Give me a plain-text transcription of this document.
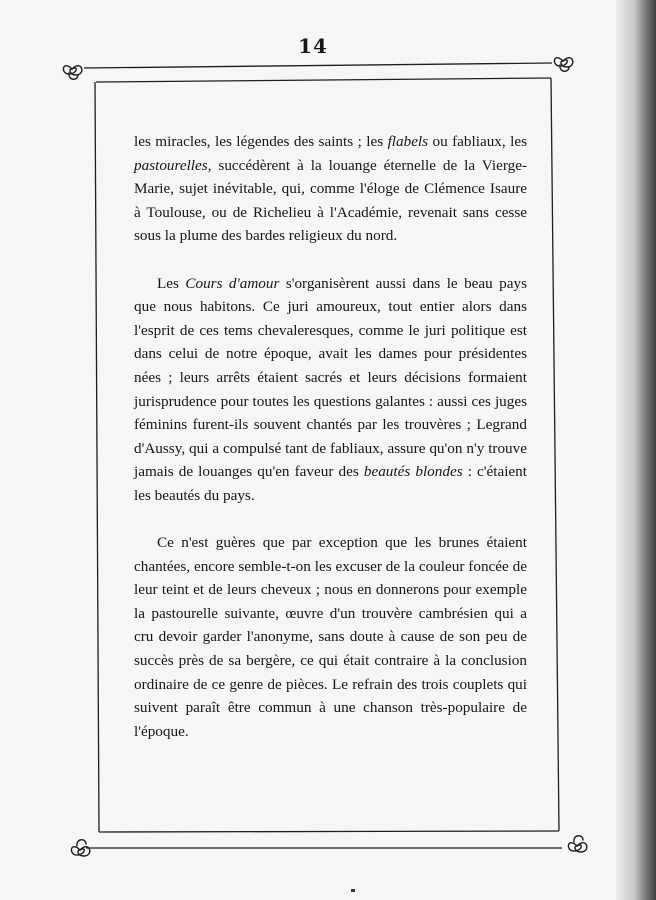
14

les miracles, les légendes des saints ; les flabels ou fabliaux, les pastourelles, succédèrent à la louange éternelle de la Vierge-Marie, sujet inévitable, qui, comme l'éloge de Clémence Isaure à Toulouse, ou de Richelieu à l'Académie, revenait sans cesse sous la plume des bardes religieux du nord.

Les Cours d'amour s'organisèrent aussi dans le beau pays que nous habitons. Ce juri amoureux, tout entier alors dans l'esprit de ces tems chevaleresques, comme le juri politique est dans celui de notre époque, avait les dames pour présidentes nées ; leurs arrêts étaient sacrés et leurs décisions formaient jurisprudence pour toutes les questions galantes : aussi ces juges féminins furent-ils souvent chantés par les trouvères ; Legrand d'Aussy, qui a compulsé tant de fabliaux, assure qu'on n'y trouve jamais de louanges qu'en faveur des beautés blondes : c'étaient les beautés du pays.

Ce n'est guères que par exception que les brunes étaient chantées, encore semble-t-on les excuser de la couleur foncée de leur teint et de leurs cheveux ; nous en donnerons pour exemple la pastourelle suivante, œuvre d'un trouvère cambrésien qui a cru devoir garder l'anonyme, sans doute à cause de son peu de succès près de sa bergère, ce qui était contraire à la conclusion ordinaire de ce genre de pièces. Le refrain des trois couplets qui suivent paraît être commun à une chanson très-populaire de l'époque.
